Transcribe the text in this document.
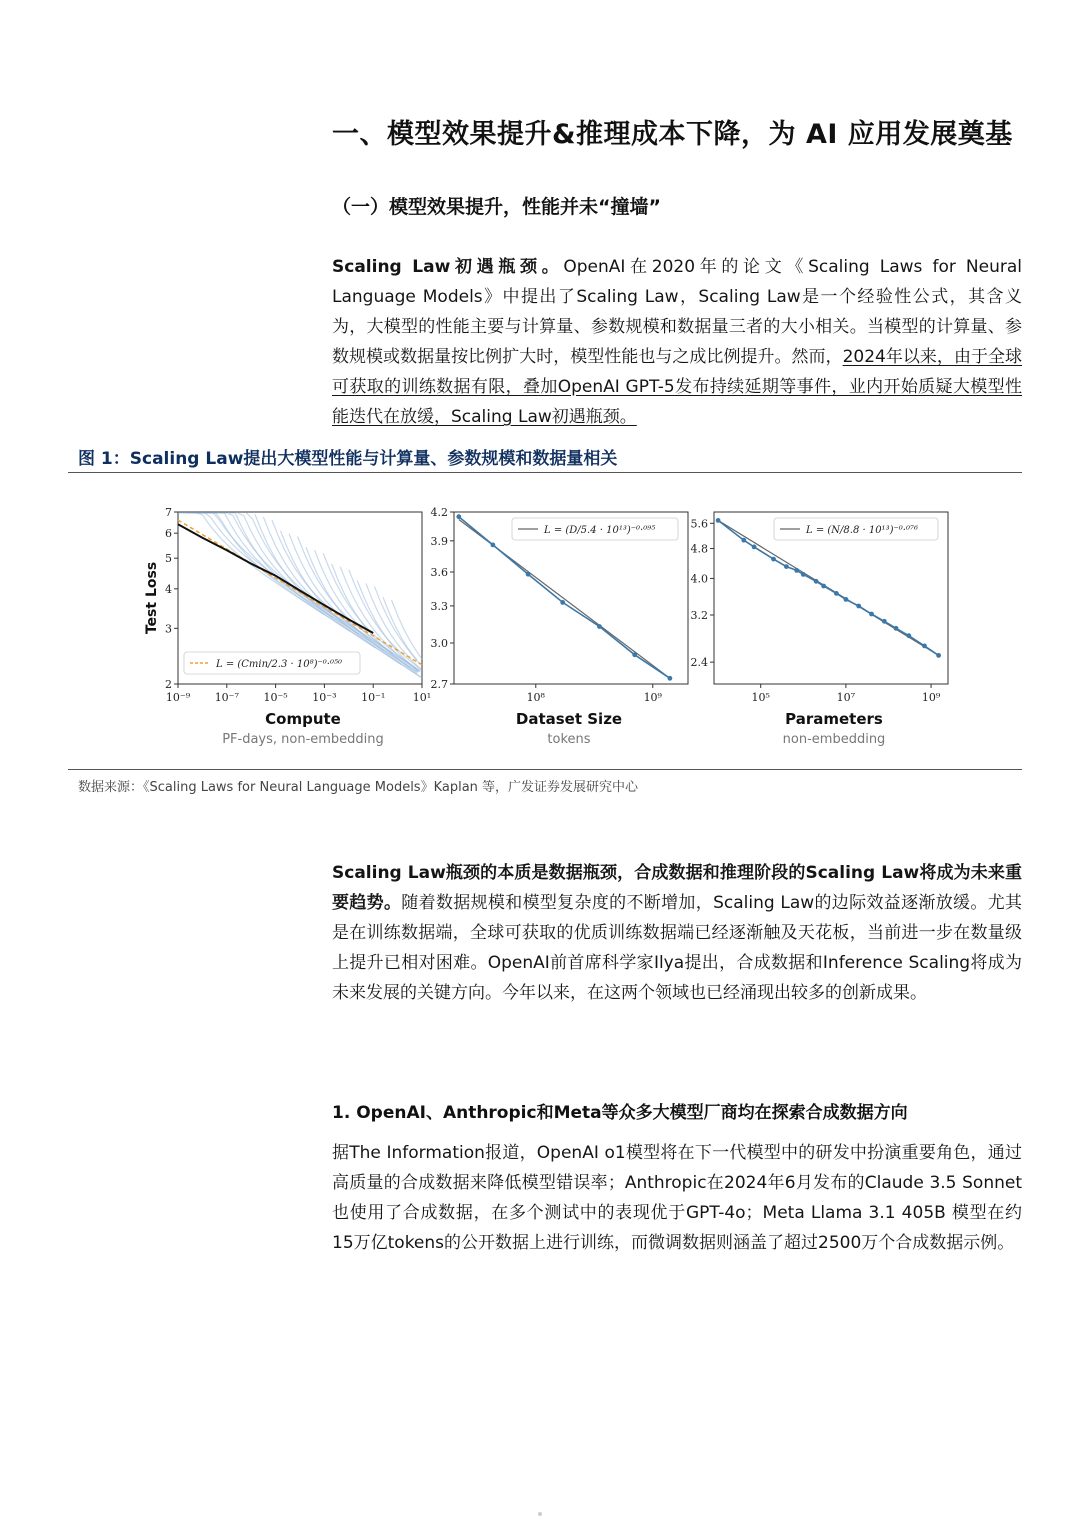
一、模型效果提升&推理成本下降，为 AI 应用发展奠基
（一）模型效果提升，性能并未“撞墙”

Scaling Law初遇瓶颈。OpenAI在2020年的论文《Scaling Laws for Neural Language Models》中提出了Scaling Law，Scaling Law是一个经验性公式，其含义为，大模型的性能主要与计算量、参数规模和数据量三者的大小相关。当模型的计算量、参数规模或数据量按比例扩大时，模型性能也与之成比例提升。然而，2024年以来，由于全球可获取的训练数据有限，叠加OpenAI GPT-5发布持续延期等事件，业内开始质疑大模型性能迭代在放缓，Scaling Law初遇瓶颈。

图 1：Scaling Law提出大模型性能与计算量、参数规模和数据量相关
10⁻⁹ 10⁻⁷ 10⁻⁵ 10⁻³ 10⁻¹ 10¹
2
3
4
5
6
7
L = (Cmin/2.3 · 10⁸)⁻⁰·⁰⁵⁰
Test Loss
Compute
PF-days, non-embedding
10⁸	10⁹
2.7
3.0
3.3
3.6
3.9
4.2
L = (D/5.4 · 10¹³)⁻⁰·⁰⁹⁵
Dataset Size
tokens
10⁵	10⁷	10⁹
2.4
3.2
4.0
4.8
5.6
L = (N/8.8 · 10¹³)⁻⁰·⁰⁷⁶
Parameters
non-embedding
数据来源：《Scaling Laws for Neural Language Models》Kaplan 等，广发证券发展研究中心

Scaling Law瓶颈的本质是数据瓶颈，合成数据和推理阶段的Scaling Law将成为未来重要趋势。随着数据规模和模型复杂度的不断增加，Scaling Law的边际效益逐渐放缓。尤其是在训练数据端，全球可获取的优质训练数据端已经逐渐触及天花板，当前进一步在数量级上提升已相对困难。OpenAI前首席科学家Ilya提出，合成数据和Inference Scaling将成为未来发展的关键方向。今年以来，在这两个领域也已经涌现出较多的创新成果。

1. OpenAI、Anthropic和Meta等众多大模型厂商均在探索合成数据方向

据The Information报道，OpenAI o1模型将在下一代模型中的研发中扮演重要角色，通过高质量的合成数据来降低模型错误率；Anthropic在2024年6月发布的Claude 3.5 Sonnet也使用了合成数据，在多个测试中的表现优于GPT-4o；Meta Llama 3.1 405B 模型在约15万亿tokens的公开数据上进行训练，而微调数据则涵盖了超过2500万个合成数据示例。
